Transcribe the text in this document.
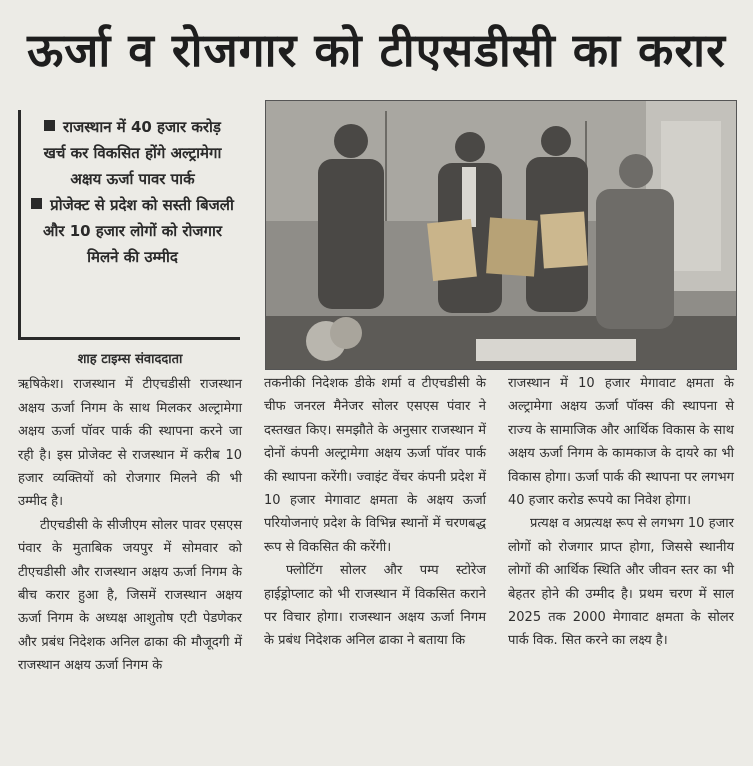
ऊर्जा व रोजगार को टीएसडीसी का करार

राजस्थान में 40 हजार करोड़ खर्च कर विकसित होंगे अल्ट्रामेगा अक्षय ऊर्जा पावर पार्क

प्रोजेक्ट से प्रदेश को सस्ती बिजली और 10 हजार लोगों को रोजगार मिलने की उम्मीद

शाह टाइम्स संवाददाता

ऋषिकेश। राजस्थान में टीएचडीसी राजस्थान अक्षय ऊर्जा निगम के साथ मिलकर अल्ट्रामेगा अक्षय ऊर्जा पॉवर पार्क की स्थापना करने जा रही है। इस प्रोजेक्ट से राजस्थान में करीब 10 हजार व्यक्तियों को रोजगार मिलने की भी उम्मीद है।

टीएचडीसी के सीजीएम सोलर पावर एसएस पंवार के मुताबिक जयपुर में सोमवार को टीएचडीसी और राजस्थान अक्षय ऊर्जा निगम के बीच करार हुआ है, जिसमें राजस्थान अक्षय ऊर्जा निगम के अध्यक्ष आशुतोष एटी पेडणेकर और प्रबंध निदेशक अनिल ढाका की मौजूदगी में राजस्थान अक्षय ऊर्जा निगम के

तकनीकी निदेशक डीके शर्मा व टीएचडीसी के चीफ जनरल मैनेजर सोलर एसएस पंवार ने दस्तखत किए। समझौते के अनुसार राजस्थान में दोनों कंपनी अल्ट्रामेगा अक्षय ऊर्जा पॉवर पार्क की स्थापना करेंगी। ज्वाइंट वेंचर कंपनी प्रदेश में 10 हजार मेगावाट क्षमता के अक्षय ऊर्जा परियोजनाएं प्रदेश के विभिन्न स्थानों में चरणबद्ध रूप से विकसित की करेंगी।

फ्लोटिंग सोलर और पम्प स्टोरेज हाईड्रोप्लाट को भी राजस्थान में विकसित कराने पर विचार होगा। राजस्थान अक्षय ऊर्जा निगम के प्रबंध निदेशक अनिल ढाका ने बताया कि

राजस्थान में 10 हजार मेगावाट क्षमता के अल्ट्रामेगा अक्षय ऊर्जा पॉक्स की स्थापना से राज्य के सामाजिक और आर्थिक विकास के साथ अक्षय ऊर्जा निगम के कामकाज के दायरे का भी विकास होगा। ऊर्जा पार्क की स्थापना पर लगभग 40 हजार करोड रूपये का निवेश होगा।

प्रत्यक्ष व अप्रत्यक्ष रूप से लगभग 10 हजार लोगों को रोजगार प्राप्त होगा, जिससे स्थानीय लोगों की आर्थिक स्थिति और जीवन स्तर का भी बेहतर होने की उम्मीद है। प्रथम चरण में साल 2025 तक 2000 मेगावाट क्षमता के सोलर पार्क विक. सित करने का लक्ष्य है।
